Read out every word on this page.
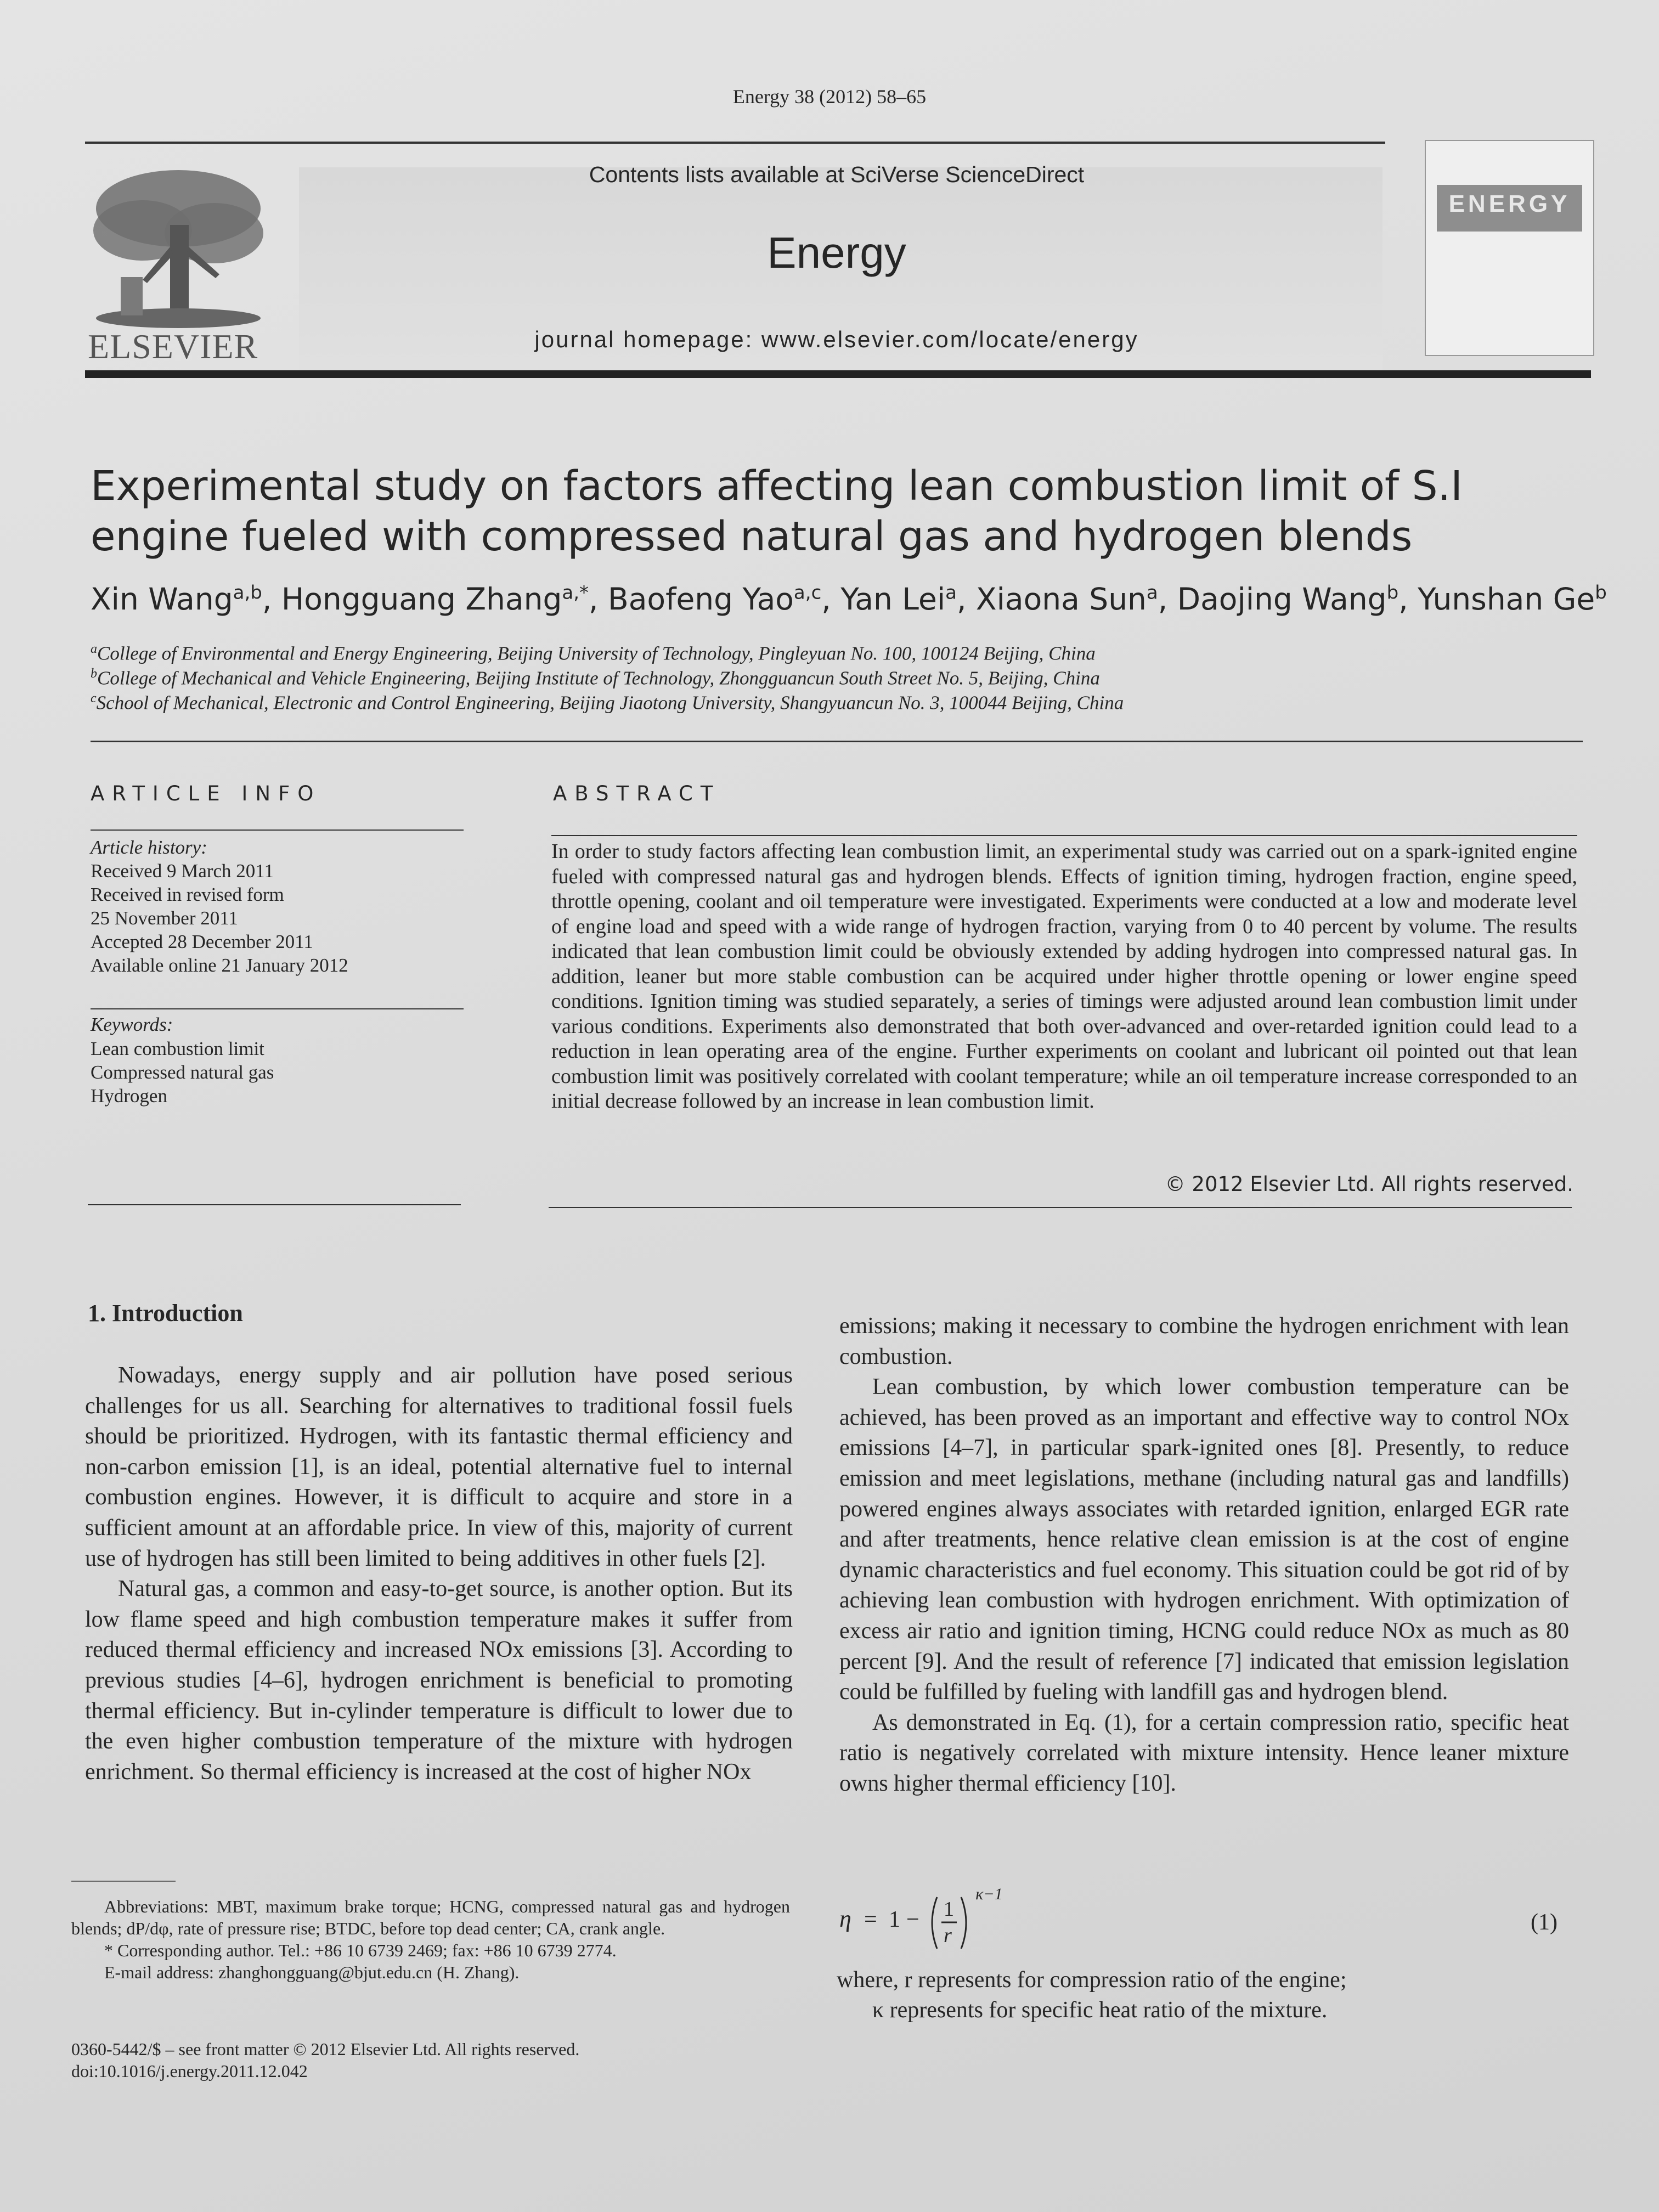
Energy 38 (2012) 58–65
ELSEVIER
Contents lists available at SciVerse ScienceDirect
Energy
journal homepage: www.elsevier.com/locate/energy
ENERGY
Experimental study on factors affecting lean combustion limit of S.I engine fueled with compressed natural gas and hydrogen blends
Xin Wang$^{a,b}$, Hongguang Zhang$^{a,*}$, Baofeng Yao$^{a,c}$, Yan Lei$^a$, Xiaona Sun$^a$, Daojing Wang$^b$, Yunshan Ge$^b$
$^a$College of Environmental and Energy Engineering, Beijing University of Technology, Pingleyuan No. 100, 100124 Beijing, China
$^b$College of Mechanical and Vehicle Engineering, Beijing Institute of Technology, Zhongguancun South Street No. 5, Beijing, China
$^c$School of Mechanical, Electronic and Control Engineering, Beijing Jiaotong University, Shangyuancun No. 3, 100044 Beijing, China
ARTICLE INFO	ABSTRACT
Article history:
Received 9 March 2011
Received in revised form
25 November 2011
Accepted 28 December 2011
Available online 21 January 2012
Keywords:
Lean combustion limit
Compressed natural gas
Hydrogen
In order to study factors affecting lean combustion limit, an experimental study was carried out on a spark-ignited engine fueled with compressed natural gas and hydrogen blends. Effects of ignition timing, hydrogen fraction, engine speed, throttle opening, coolant and oil temperature were investigated. Experiments were conducted at a low and moderate level of engine load and speed with a wide range of hydrogen fraction, varying from 0 to 40 percent by volume. The results indicated that lean combustion limit could be obviously extended by adding hydrogen into compressed natural gas. In addition, leaner but more stable combustion can be acquired under higher throttle opening or lower engine speed conditions. Ignition timing was studied separately, a series of timings were adjusted around lean combustion limit under various conditions. Experiments also demonstrated that both over-advanced and over-retarded ignition could lead to a reduction in lean operating area of the engine. Further experiments on coolant and lubricant oil pointed out that lean combustion limit was positively correlated with coolant temperature; while an oil temperature increase corresponded to an initial decrease followed by an increase in lean combustion limit.
© 2012 Elsevier Ltd. All rights reserved.
1. Introduction

Nowadays, energy supply and air pollution have posed serious challenges for us all. Searching for alternatives to traditional fossil fuels should be prioritized. Hydrogen, with its fantastic thermal efficiency and non-carbon emission [1], is an ideal, potential alternative fuel to internal combustion engines. However, it is difficult to acquire and store in a sufficient amount at an affordable price. In view of this, majority of current use of hydrogen has still been limited to being additives in other fuels [2].

Natural gas, a common and easy-to-get source, is another option. But its low flame speed and high combustion temperature makes it suffer from reduced thermal efficiency and increased NOx emissions [3]. According to previous studies [4–6], hydrogen enrichment is beneficial to promoting thermal efficiency. But in-cylinder temperature is difficult to lower due to the even higher combustion temperature of the mixture with hydrogen enrichment. So thermal efficiency is increased at the cost of higher NOx

emissions; making it necessary to combine the hydrogen enrichment with lean combustion.

Lean combustion, by which lower combustion temperature can be achieved, has been proved as an important and effective way to control NOx emissions [4–7], in particular spark-ignited ones [8]. Presently, to reduce emission and meet legislations, methane (including natural gas and landfills) powered engines always associates with retarded ignition, enlarged EGR rate and after treatments, hence relative clean emission is at the cost of engine dynamic characteristics and fuel economy. This situation could be got rid of by achieving lean combustion with hydrogen enrichment. With optimization of excess air ratio and ignition timing, HCNG could reduce NOx as much as 80 percent [9]. And the result of reference [7] indicated that emission legislation could be fulfilled by fueling with landfill gas and hydrogen blend.

As demonstrated in Eq. (1), for a certain compression ratio, specific heat ratio is negatively correlated with mixture intensity. Hence leaner mixture owns higher thermal efficiency [10].

Abbreviations: MBT, maximum brake torque; HCNG, compressed natural gas and hydrogen blends; dP/dφ, rate of pressure rise; BTDC, before top dead center; CA, crank angle.

* Corresponding author. Tel.: +86 10 6739 2469; fax: +86 10 6739 2774.

E-mail address: zhanghongguang@bjut.edu.cn (H. Zhang).

0360-5442/$ – see front matter © 2012 Elsevier Ltd. All rights reserved.
doi:10.1016/j.energy.2011.12.042
η = 1 − 1
r
κ−1
(1)
where, r represents for compression ratio of the engine;
κ represents for specific heat ratio of the mixture.
